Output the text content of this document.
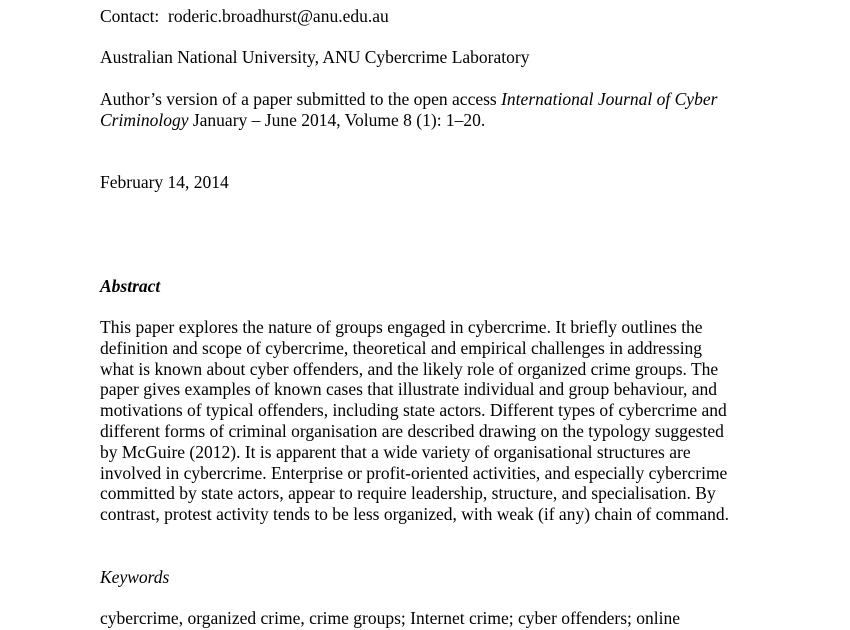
Contact: roderic.broadhurst@anu.edu.au
Australian National University, ANU Cybercrime Laboratory
Author’s version of a paper submitted to the open access International Journal of Cyber
Criminology January – June 2014, Volume 8 (1): 1–20.
February 14, 2014
Abstract
This paper explores the nature of groups engaged in cybercrime. It briefly outlines the
definition and scope of cybercrime, theoretical and empirical challenges in addressing
what is known about cyber offenders, and the likely role of organized crime groups. The
paper gives examples of known cases that illustrate individual and group behaviour, and
motivations of typical offenders, including state actors. Different types of cybercrime and
different forms of criminal organisation are described drawing on the typology suggested
by McGuire (2012). It is apparent that a wide variety of organisational structures are
involved in cybercrime. Enterprise or profit-oriented activities, and especially cybercrime
committed by state actors, appear to require leadership, structure, and specialisation. By
contrast, protest activity tends to be less organized, with weak (if any) chain of command.
Keywords
cybercrime, organized crime, crime groups; Internet crime; cyber offenders; online
